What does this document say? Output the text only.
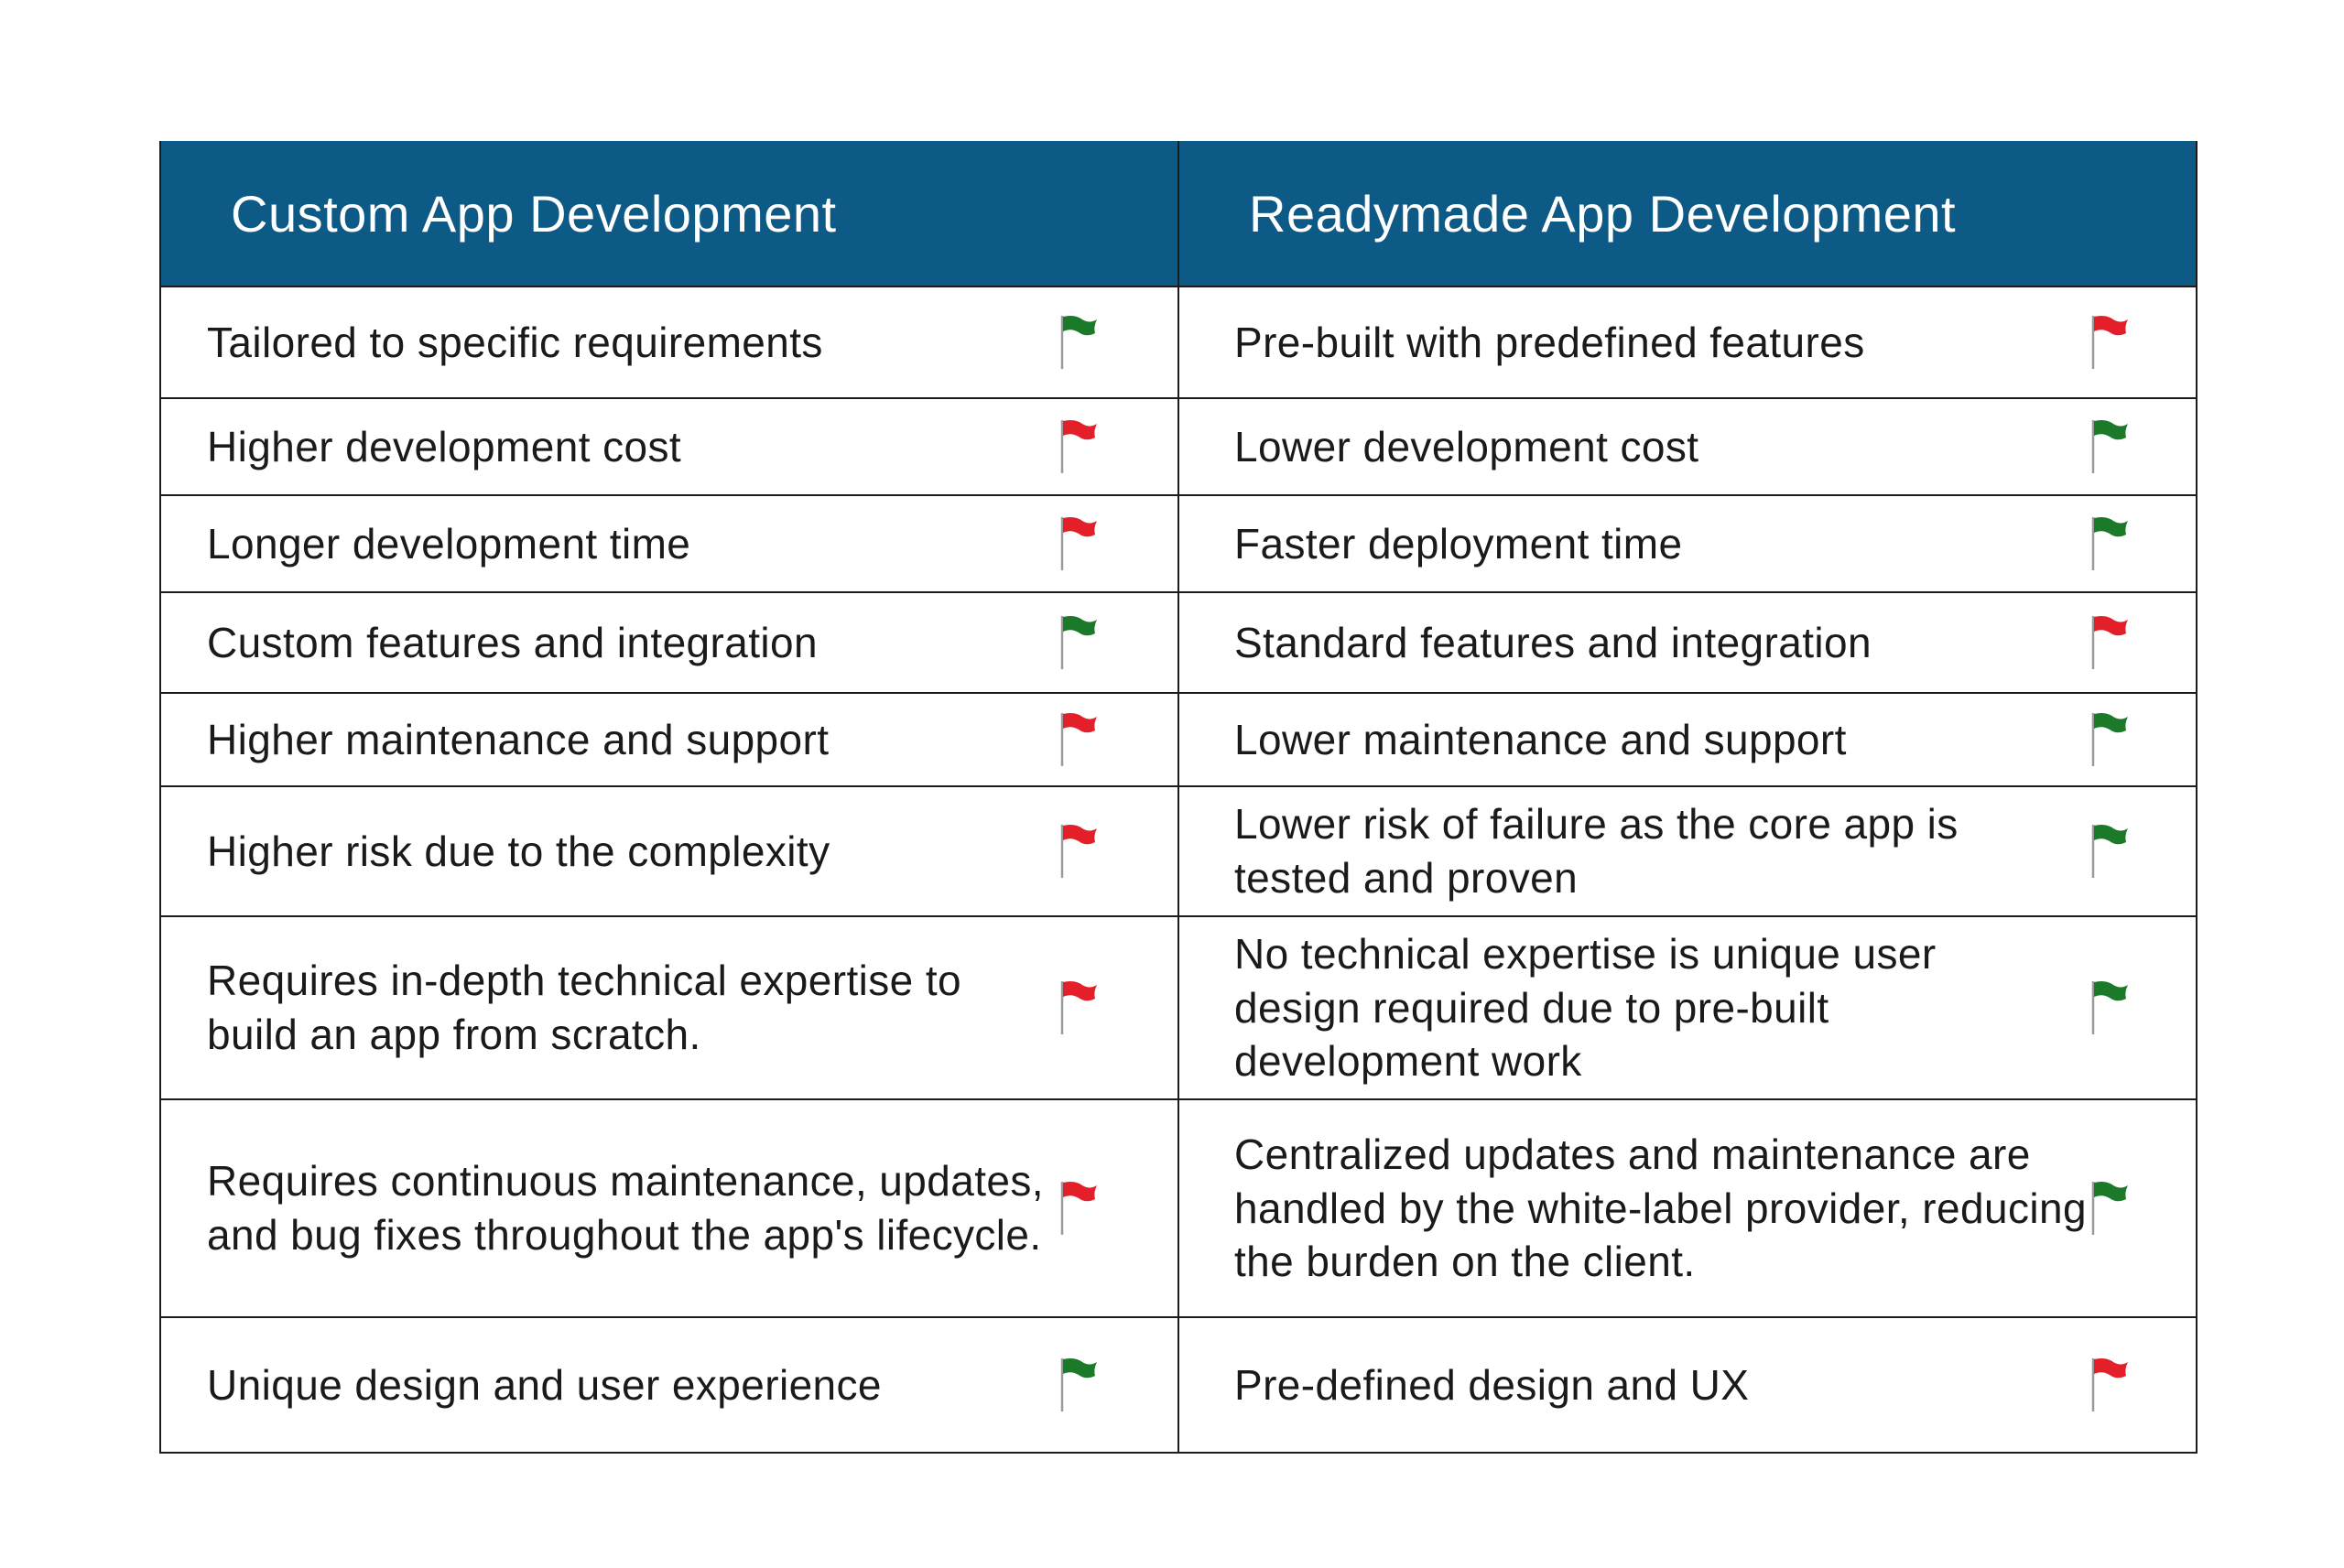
Custom App Development	Readymade App Development

Tailored to specific requirements	Pre-built with predefined features

Higher development cost	Lower development cost

Longer development time	Faster deployment time

Custom features and integration	Standard features and integration

Higher maintenance and support	Lower maintenance and support

Higher risk due to the complexity	Lower risk of failure as the core app is tested and proven

Requires in-depth technical expertise to build an app from scratch.	No technical expertise is unique user design required due to pre-built development work

Requires continuous maintenance, updates, and bug fixes throughout the app's lifecycle.	Centralized updates and maintenance are handled by the white-label provider, reducing the burden on the client.

Unique design and user experience	Pre-defined design and UX
